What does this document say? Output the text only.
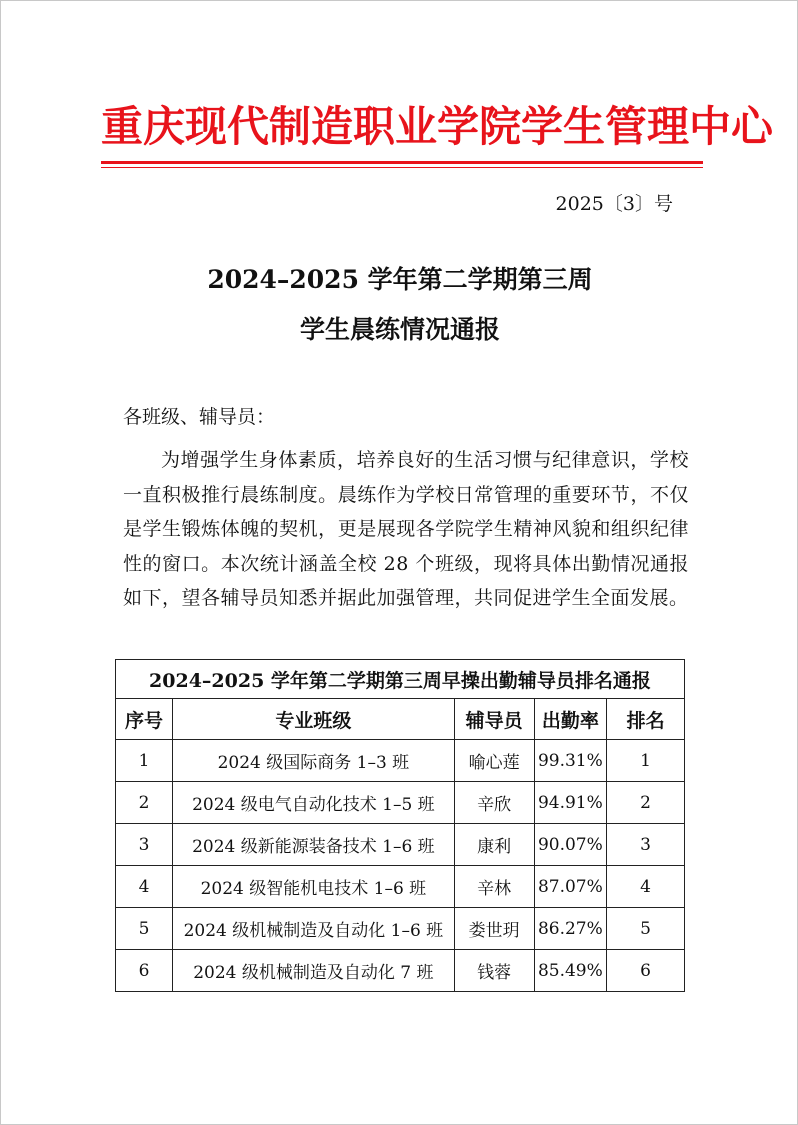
重庆现代制造职业学院学生管理中心
2025〔3〕号
2024–2025 学年第二学期第三周
学生晨练情况通报
各班级、辅导员：
为增强学生身体素质，培养良好的生活习惯与纪律意识，学校一直积极推行晨练制度。晨练作为学校日常管理的重要环节，不仅是学生锻炼体魄的契机，更是展现各学院学生精神风貌和组织纪律性的窗口。本次统计涵盖全校 28 个班级，现将具体出勤情况通报如下，望各辅导员知悉并据此加强管理，共同促进学生全面发展。
2024–2025 学年第二学期第三周早操出勤辅导员排名通报				
序号	专业班级	辅导员	出勤率	排名
1	2024 级国际商务 1–3 班	喻心莲	99.31%	1
2	2024 级电气自动化技术 1–5 班	辛欣	94.91%	2
3	2024 级新能源装备技术 1–6 班	康利	90.07%	3
4	2024 级智能机电技术 1–6 班	辛林	87.07%	4
5	2024 级机械制造及自动化 1–6 班	娄世玥	86.27%	5
6	2024 级机械制造及自动化 7 班	钱蓉	85.49%	6
